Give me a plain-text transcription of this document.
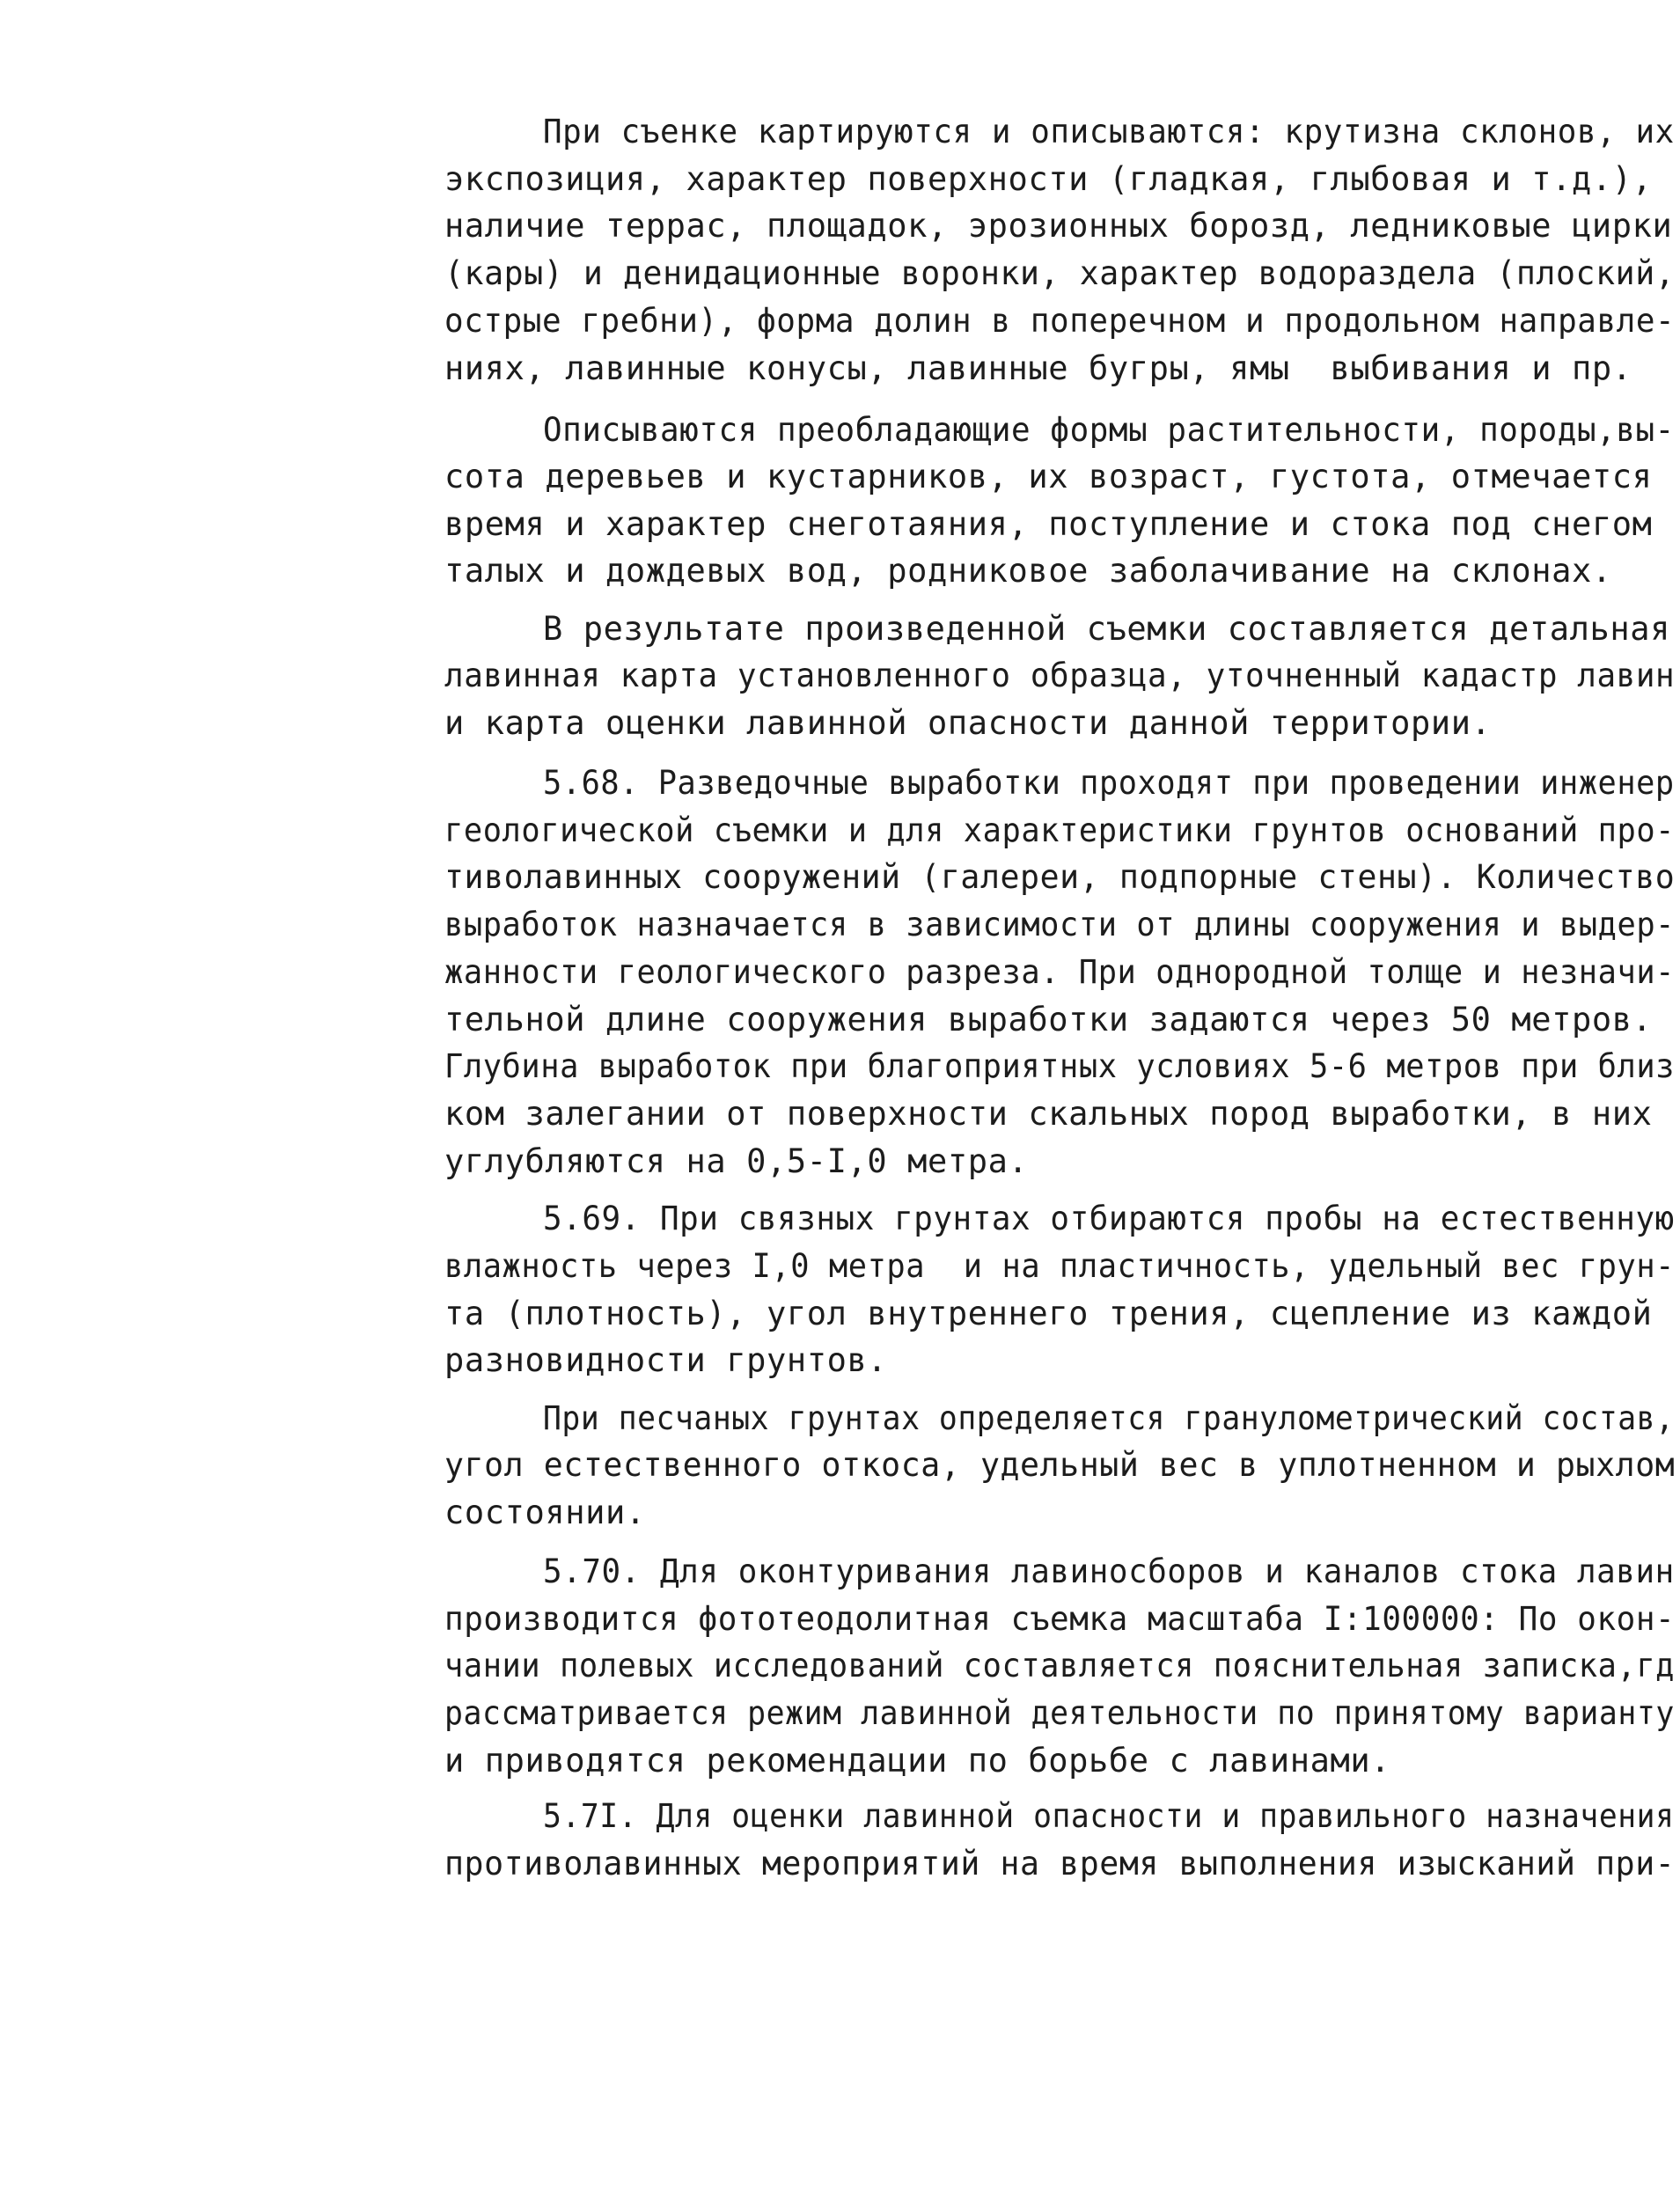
При съенке картируются и описываются: крутизна склонов, их
экспозиция, характер поверхности (гладкая, глыбовая и т.д.),
наличие террас, площадок, эрозионных борозд, ледниковые цирки
(кары) и денидационные воронки, характер водораздела (плоский,
острые гребни), форма долин в поперечном и продольном направле-
ниях, лавинные конусы, лавинные бугры, ямы  выбивания и пр.
Описываются преобладающие формы растительности, породы,вы-
сота деревьев и кустарников, их возраст, густота, отмечается
время и характер снеготаяния, поступление и стока под снегом
талых и дождевых вод, родниковое заболачивание на склонах.
В результате произведенной съемки составляется детальная
лавинная карта установленного образца, уточненный кадастр лавин
и карта оценки лавинной опасности данной территории.
5.68. Разведочные выработки проходят при проведении инженер
геологической съемки и для характеристики грунтов оснований про-
тиволавинных сооружений (галереи, подпорные стены). Количество
выработок назначается в зависимости от длины сооружения и выдер-
жанности геологического разреза. При однородной толще и незначи-
тельной длине сооружения выработки задаются через 50 метров.
Глубина выработок при благоприятных условиях 5-6 метров при близ
ком залегании от поверхности скальных пород выработки, в них
углубляются на 0,5-I,0 метра.
5.69. При связных грунтах отбираются пробы на естественную
влажность через I,0 метра  и на пластичность, удельный вес грун-
та (плотность), угол внутреннего трения, сцепление из каждой
разновидности грунтов.
При песчаных грунтах определяется гранулометрический состав,
угол естественного откоса, удельный вес в уплотненном и рыхлом
состоянии.
5.70. Для оконтуривания лавиносборов и каналов стока лавин
производится фототеодолитная съемка масштаба I:100000: По окон-
чании полевых исследований составляется пояснительная записка,гд
рассматривается режим лавинной деятельности по принятому варианту
и приводятся рекомендации по борьбе с лавинами.
5.7I. Для оценки лавинной опасности и правильного назначения
противолавинных мероприятий на время выполнения изысканий при-
